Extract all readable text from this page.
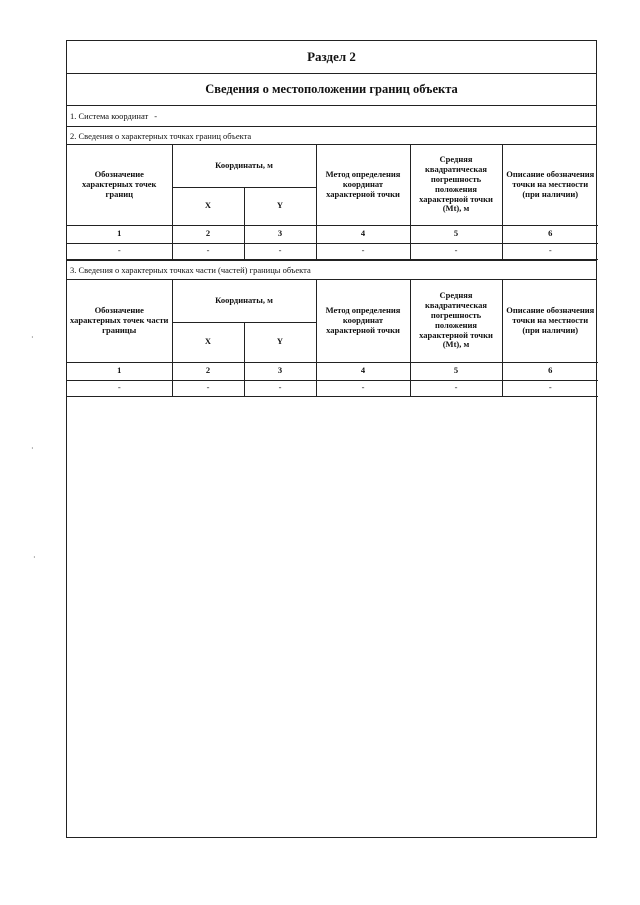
Раздел 2
Сведения о местоположении границ объекта
1. Система координат -
2. Сведения о характерных точках границ объекта
Обозначение характерных точек границ	Координаты, м		Метод определения координат характерной точки	Средняя квадратическая погрешность положения характерной точки (Mt), м	Описание обозначения точки на местности (при наличии)
	X	Y			
1	2	3	4	5	6
-	-	-	-	-	-
3. Сведения о характерных точках части (частей) границы объекта
Обозначение характерных точек части границы	Координаты, м		Метод определения координат характерной точки	Средняя квадратическая погрешность положения характерной точки (Mt), м	Описание обозначения точки на местности (при наличии)
	X	Y			
1	2	3	4	5	6
-	-	-	-	-	-
·
·
·
